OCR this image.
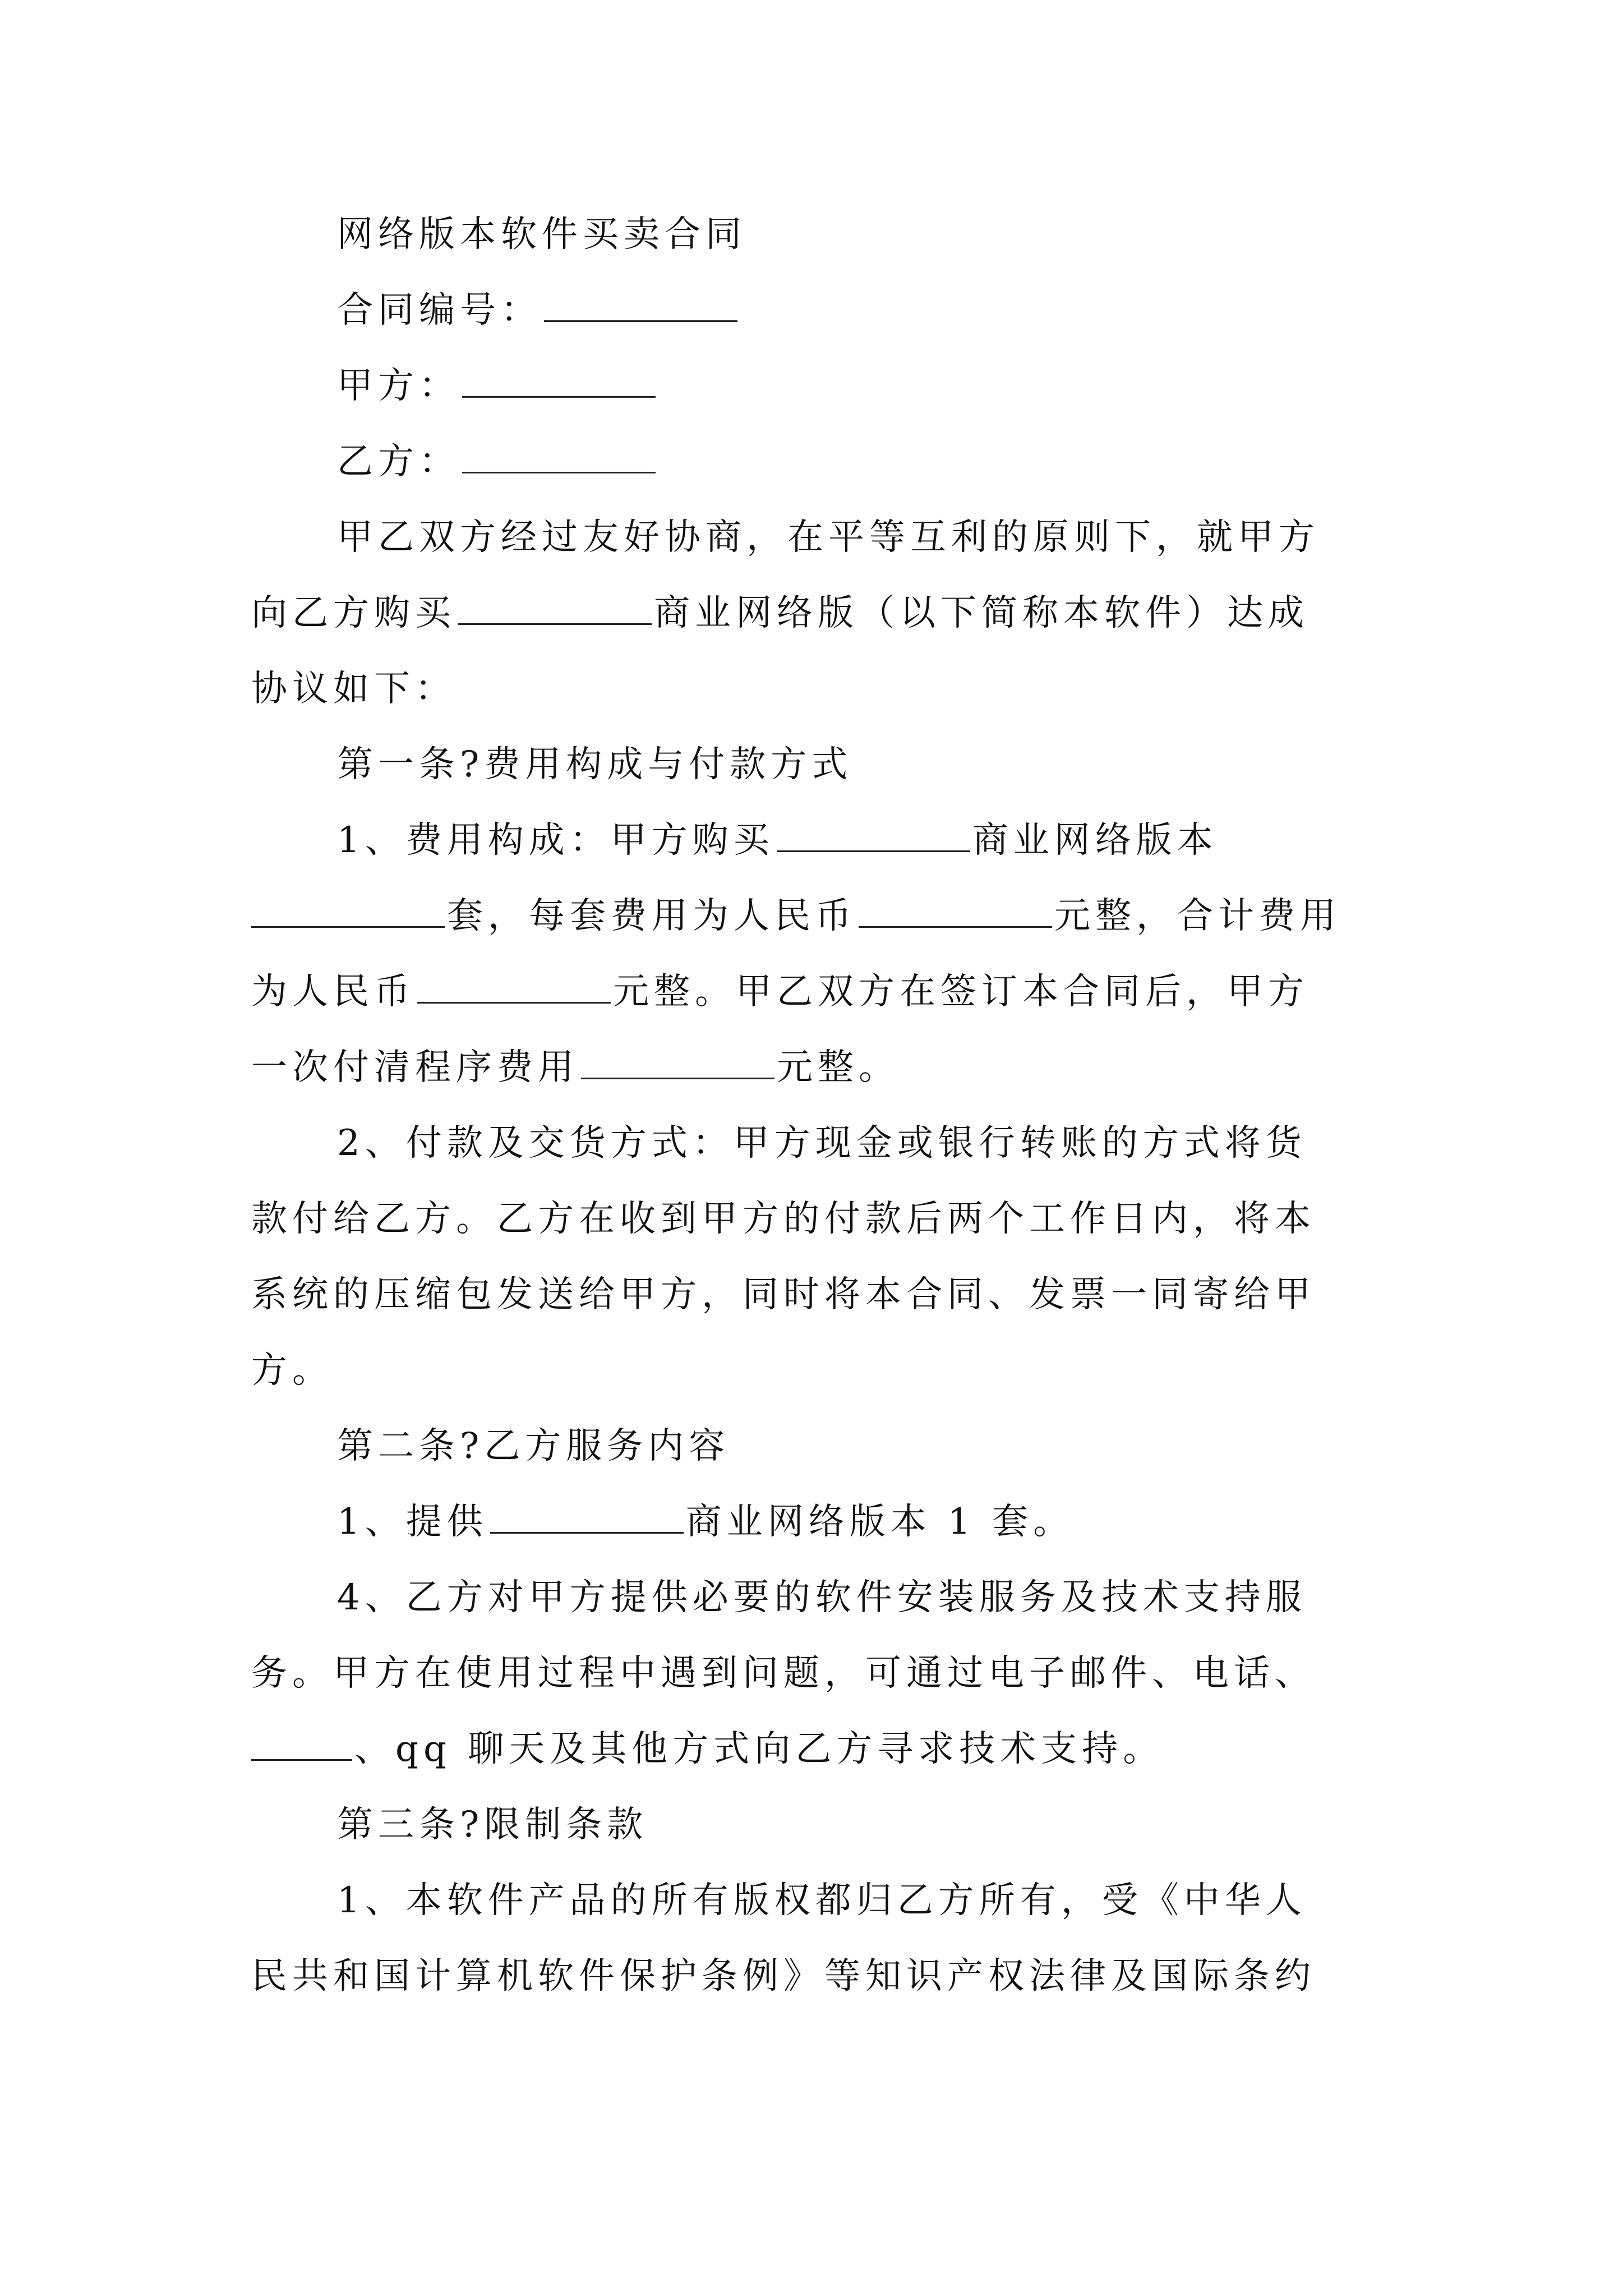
网络版本软件买卖合同
合同编号：
甲方：
乙方：
甲乙双方经过友好协商，在平等互利的原则下，就甲方
向乙方购买	商业网络版（以下简称本软件）达成
协议如下：
第一条?费用构成与付款方式
1、费用构成：甲方购买	商业网络版本
套，每套费用为人民币	元整，合计费用
为人民币	元整。甲乙双方在签订本合同后，甲方
一次付清程序费用	元整。
2、付款及交货方式：甲方现金或银行转账的方式将货
款付给乙方。乙方在收到甲方的付款后两个工作日内，将本
系统的压缩包发送给甲方，同时将本合同、发票一同寄给甲
方。
第二条?乙方服务内容
1、提供	商业网络版本 1 套。
4、乙方对甲方提供必要的软件安装服务及技术支持服
务。甲方在使用过程中遇到问题，可通过电子邮件、电话、
、qq 聊天及其他方式向乙方寻求技术支持。
第三条?限制条款
1、本软件产品的所有版权都归乙方所有，受《中华人
民共和国计算机软件保护条例》等知识产权法律及国际条约
